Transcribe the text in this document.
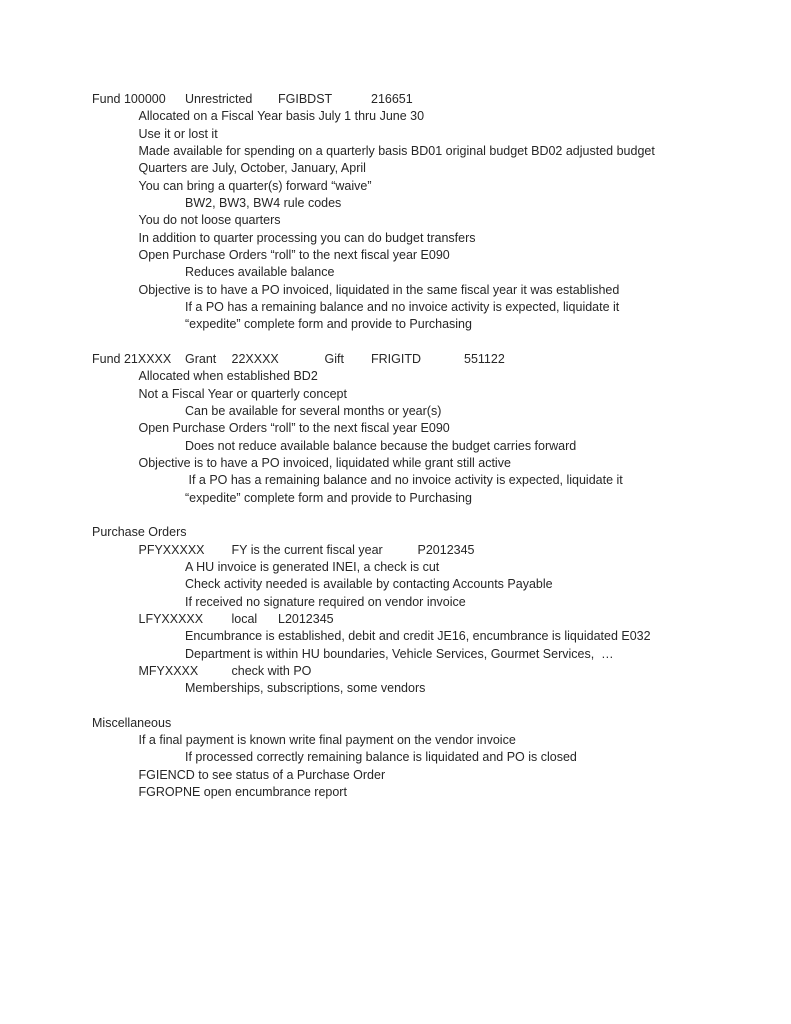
Fund 100000	Unrestricted	FGIBDST	216651
	Allocated on a Fiscal Year basis July 1 thru June 30
	Use it or lost it
	Made available for spending on a quarterly basis BD01 original budget BD02 adjusted budget
	Quarters are July, October, January, April
	You can bring a quarter(s) forward “waive”
		BW2, BW3, BW4 rule codes
	You do not loose quarters
	In addition to quarter processing you can do budget transfers
	Open Purchase Orders “roll” to the next fiscal year E090
		Reduces available balance
	Objective is to have a PO invoiced, liquidated in the same fiscal year it was established
		If a PO has a remaining balance and no invoice activity is expected, liquidate it
		“expedite” complete form and provide to Purchasing
Fund 21XXXX	Grant	22XXXX	Gift	FRIGITD	551122
	Allocated when established BD2
	Not a Fiscal Year or quarterly concept
		Can be available for several months or year(s)
	Open Purchase Orders “roll” to the next fiscal year E090
		Does not reduce available balance because the budget carries forward
	Objective is to have a PO invoiced, liquidated while grant still active
		If a PO has a remaining balance and no invoice activity is expected, liquidate it
		“expedite” complete form and provide to Purchasing
Purchase Orders
	PFYXXXXX	FY is the current fiscal year	P2012345
		A HU invoice is generated INEI, a check is cut
		Check activity needed is available by contacting Accounts Payable
		If received no signature required on vendor invoice
	LFYXXXXX	local	L2012345
		Encumbrance is established, debit and credit JE16, encumbrance is liquidated E032
		Department is within HU boundaries, Vehicle Services, Gourmet Services,  …
	MFYXXXX	check with PO
		Memberships, subscriptions, some vendors
Miscellaneous
	If a final payment is known write final payment on the vendor invoice
		If processed correctly remaining balance is liquidated and PO is closed
	FGIENCD to see status of a Purchase Order
	FGROPNE open encumbrance report
